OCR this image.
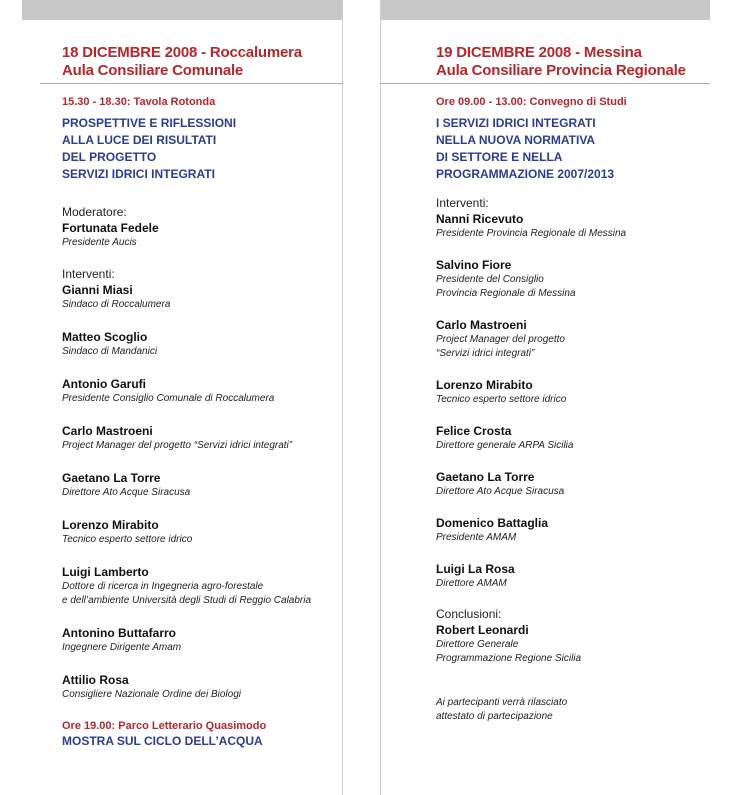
18 DICEMBRE 2008 - Roccalumera
Aula Consiliare Comunale
15.30 - 18.30: Tavola Rotonda
PROSPETTIVE E RIFLESSIONI
ALLA LUCE DEI RISULTATI
DEL PROGETTO
SERVIZI IDRICI INTEGRATI
Moderatore:
Fortunata Fedele
Presidente Aucis
Interventi:
Gianni Miasi
Sindaco di Roccalumera
Matteo Scoglio
Sindaco di Mandanici
Antonio Garufi
Presidente Consiglio Comunale di Roccalumera
Carlo Mastroeni
Project Manager del progetto “Servizi idrici integrati”
Gaetano La Torre
Direttore Ato Acque Siracusa
Lorenzo Mirabito
Tecnico esperto settore idrico
Luigi Lamberto
Dottore di ricerca in Ingegneria agro-forestale
e dell’ambiente Università degli Studi di Reggio Calabria
Antonino Buttafarro
Ingegnere Dirigente Amam
Attilio Rosa
Consigliere Nazionale Ordine dei Biologi
Ore 19.00: Parco Letterario Quasimodo
MOSTRA SUL CICLO DELL’ACQUA
19 DICEMBRE 2008 - Messina
Aula Consiliare Provincia Regionale
Ore 09.00 - 13.00: Convegno di Studi
I SERVIZI IDRICI INTEGRATI
NELLA NUOVA NORMATIVA
DI SETTORE E NELLA
PROGRAMMAZIONE 2007/2013
Interventi:
Nanni Ricevuto
Presidente Provincia Regionale di Messina
Salvino Fiore
Presidente del Consiglio
Provincia Regionale di Messina
Carlo Mastroeni
Project Manager del progetto
“Servizi idrici integrati”
Lorenzo Mirabito
Tecnico esperto settore idrico
Felice Crosta
Direttore generale ARPA Sicilia
Gaetano La Torre
Direttore Ato Acque Siracusa
Domenico Battaglia
Presidente AMAM
Luigi La Rosa
Direttore AMAM
Conclusioni:
Robert Leonardi
Direttore Generale
Programmazione Regione Sicilia
Ai partecipanti verrà rilasciato
attestato di partecipazione
